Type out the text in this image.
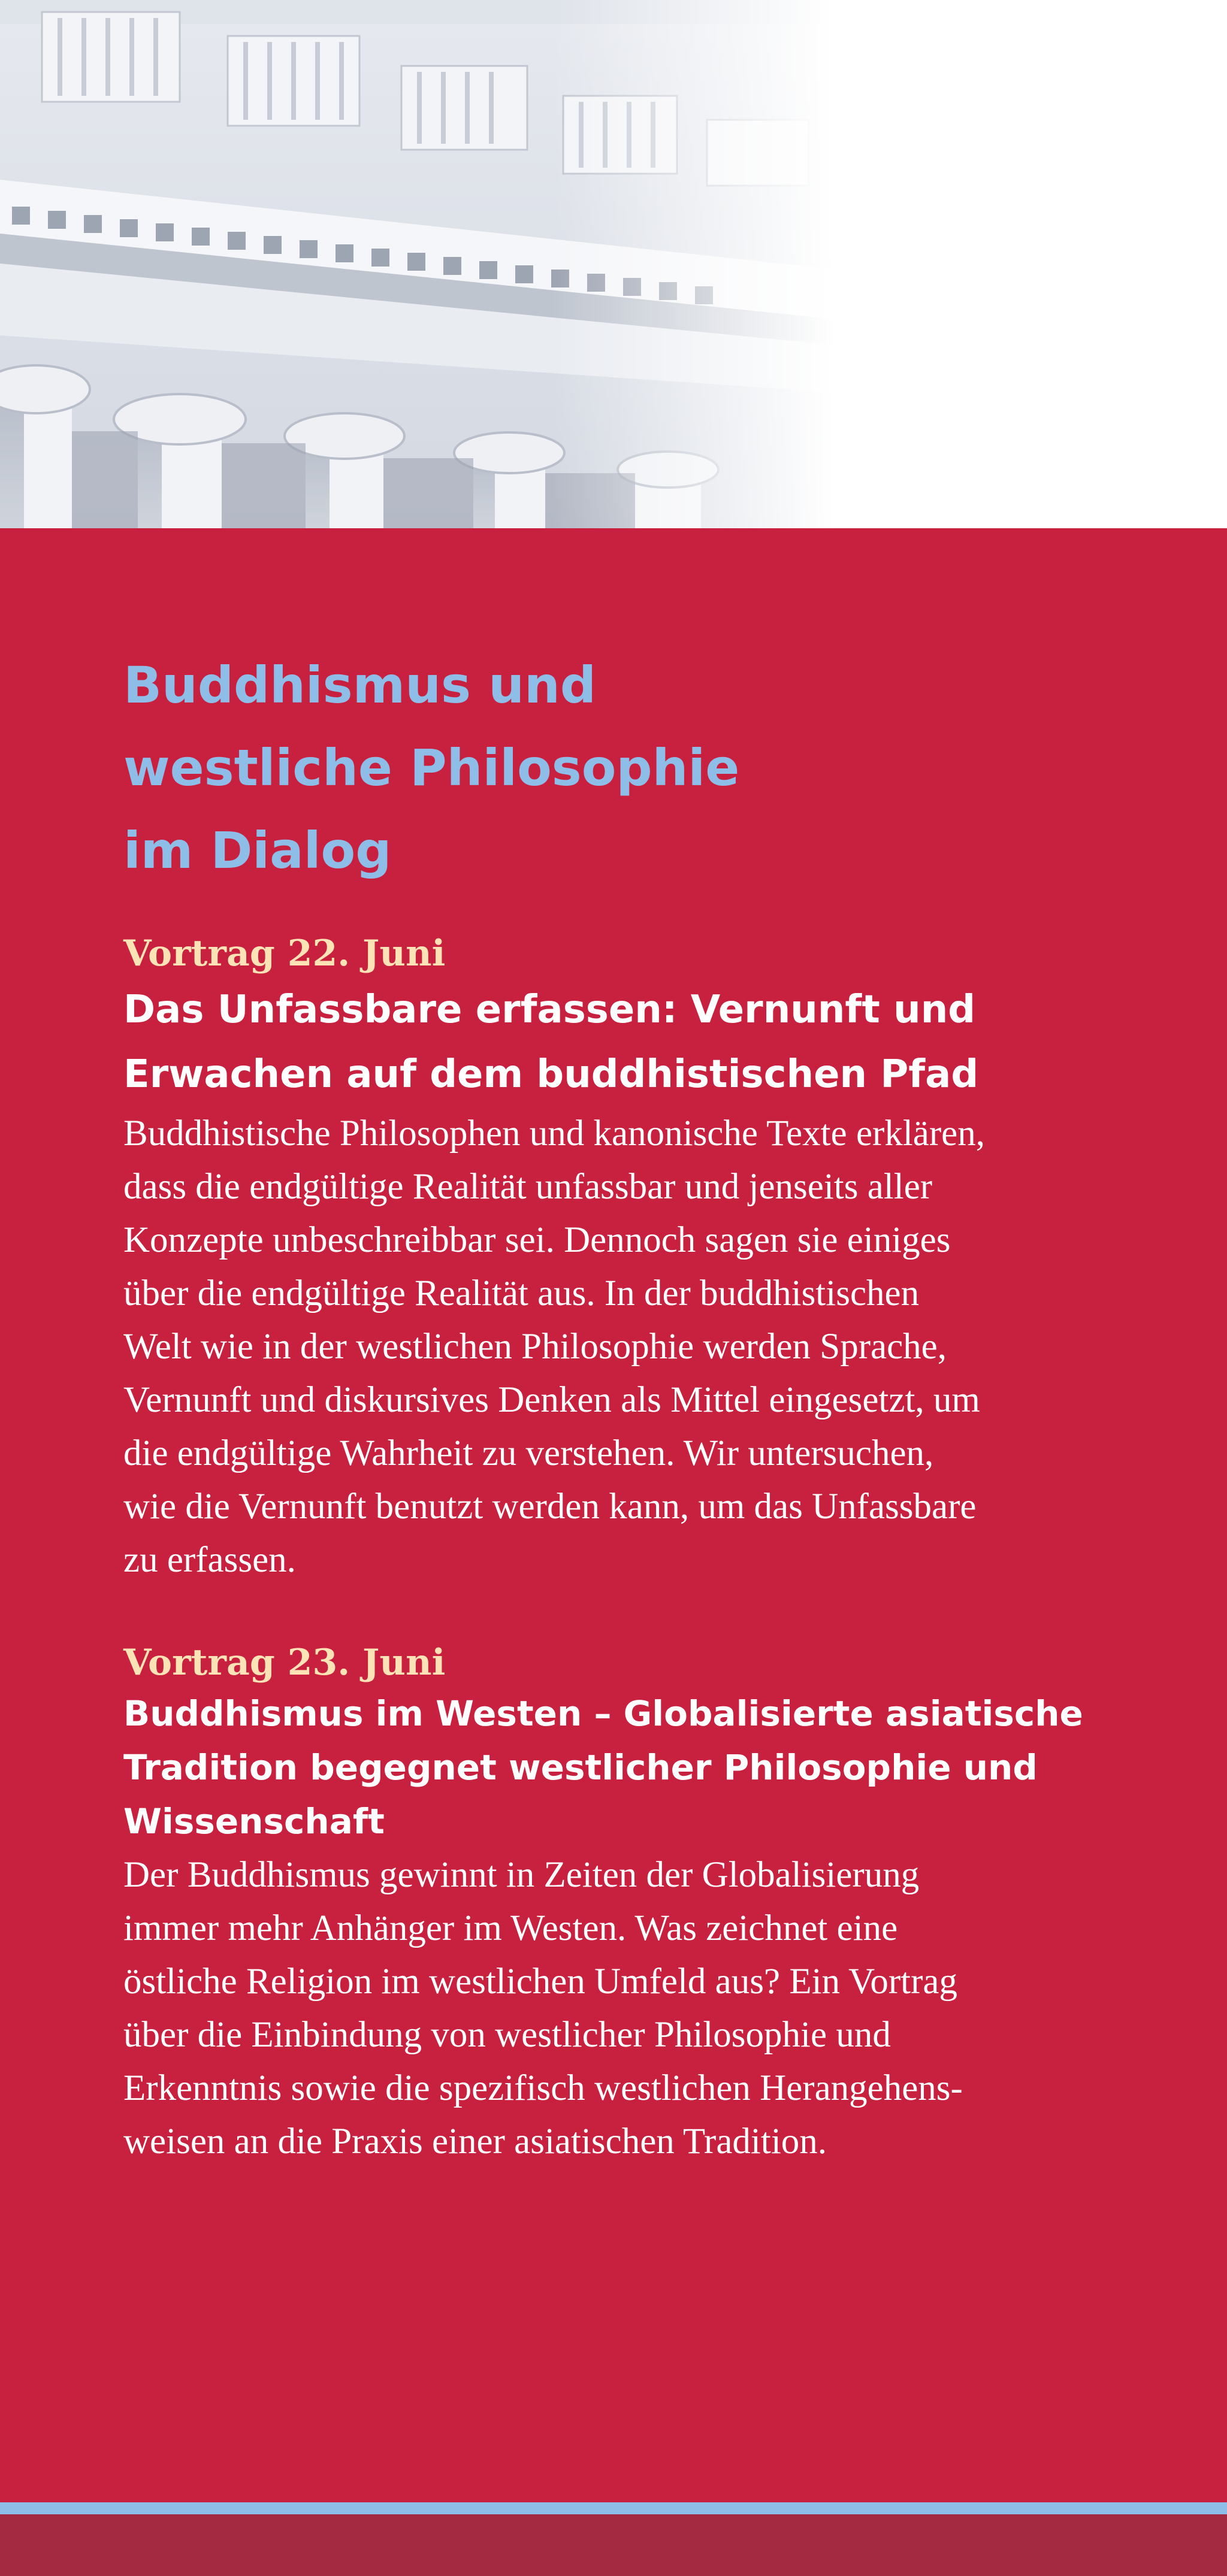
Buddhismus und
westliche Philosophie
im Dialog
Vortrag 22. Juni
Das Unfassbare erfassen: Vernunft und
Erwachen auf dem buddhistischen Pfad
Buddhistische Philosophen und kanonische Texte erklären,
dass die endgültige Realität unfassbar und jenseits aller
Konzepte unbeschreibbar sei. Dennoch sagen sie einiges
über die endgültige Realität aus. In der buddhistischen
Welt wie in der westlichen Philosophie werden Sprache,
Vernunft und diskursives Denken als Mittel eingesetzt, um
die endgültige Wahrheit zu verstehen. Wir untersuchen,
wie die Vernunft benutzt werden kann, um das Unfassbare
zu erfassen.
Vortrag 23. Juni
Buddhismus im Westen – Globalisierte asiatische
Tradition begegnet westlicher Philosophie und
Wissenschaft
Der Buddhismus gewinnt in Zeiten der Globalisierung
immer mehr Anhänger im Westen. Was zeichnet eine
östliche Religion im westlichen Umfeld aus? Ein Vortrag
über die Einbindung von westlicher Philosophie und
Erkenntnis sowie die spezifisch westlichen Herangehens-
weisen an die Praxis einer asiatischen Tradition.
